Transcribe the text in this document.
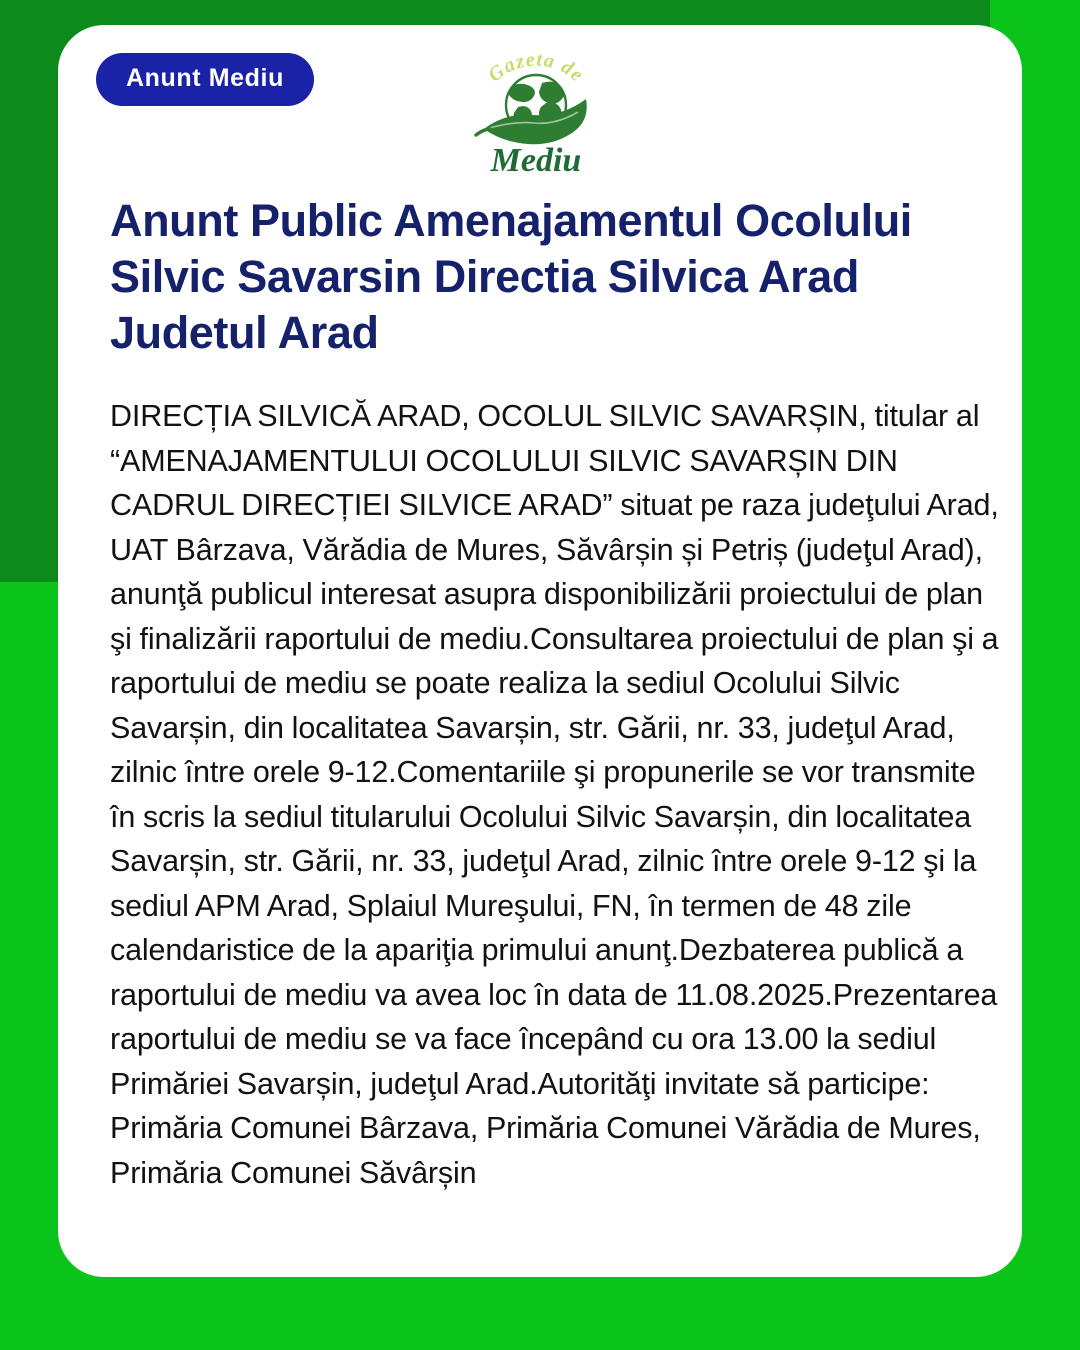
Anunt Mediu	Gazeta de
Mediu
Anunt Public Amenajamentul Ocolului Silvic Savarsin Directia Silvica Arad Judetul Arad
DIRECȚIA SILVICĂ ARAD, OCOLUL SILVIC SAVARȘIN, titular al “AMENAJAMENTULUI OCOLULUI SILVIC SAVARȘIN DIN CADRUL DIRECȚIEI SILVICE ARAD” situat pe raza judeţului Arad, UAT Bârzava, Vărădia de Mures, Săvârșin și Petriș (judeţul Arad), anunţă publicul interesat asupra disponibilizării proiectului de plan şi finalizării raportului de mediu.Consultarea proiectului de plan şi a raportului de mediu se poate realiza la sediul Ocolului Silvic Savarșin, din localitatea Savarșin, str. Gării, nr. 33, judeţul Arad, zilnic între orele 9-12.Comentariile şi propunerile se vor transmite în scris la sediul titularului Ocolului Silvic Savarșin, din localitatea Savarșin, str. Gării, nr. 33, judeţul Arad, zilnic între orele 9-12 şi la sediul APM Arad, Splaiul Mureşului, FN, în termen de 48 zile calendaristice de la apariţia primului anunţ.Dezbaterea publică a raportului de mediu va avea loc în data de 11.08.2025.Prezentarea raportului de mediu se va face începând cu ora 13.00 la sediul Primăriei Savarșin, judeţul Arad.Autorităţi invitate să participe: Primăria Comunei Bârzava, Primăria Comunei Vărădia de Mures, Primăria Comunei Săvârșin
